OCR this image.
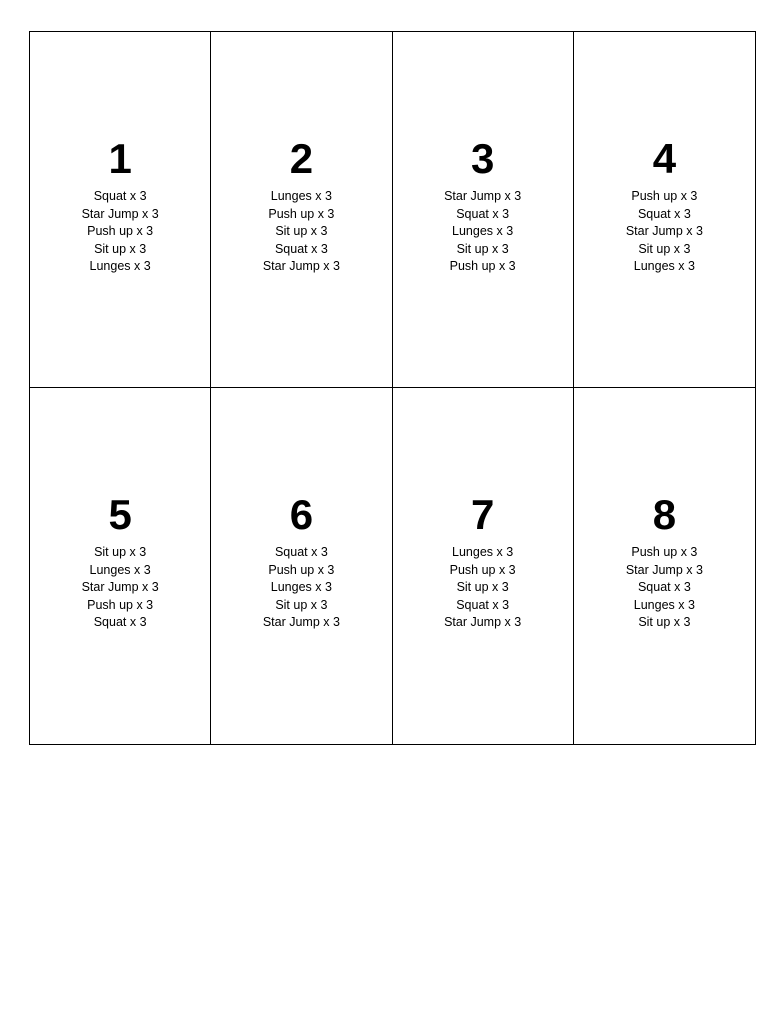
1
Squat x 3
Star Jump x 3
Push up x 3
Sit up x 3
Lunges x 3
2
Lunges x 3
Push up x 3
Sit up x 3
Squat x 3
Star Jump x 3
3
Star Jump x 3
Squat x 3
Lunges x 3
Sit up x 3
Push up x 3
4
Push up x 3
Squat x 3
Star Jump x 3
Sit up x 3
Lunges x 3
5
Sit up x 3
Lunges x 3
Star Jump x 3
Push up x 3
Squat x 3
6
Squat x 3
Push up x 3
Lunges x 3
Sit up x 3
Star Jump x 3
7
Lunges x 3
Push up x 3
Sit up x 3
Squat x 3
Star Jump x 3
8
Push up x 3
Star Jump x 3
Squat x 3
Lunges x 3
Sit up x 3
